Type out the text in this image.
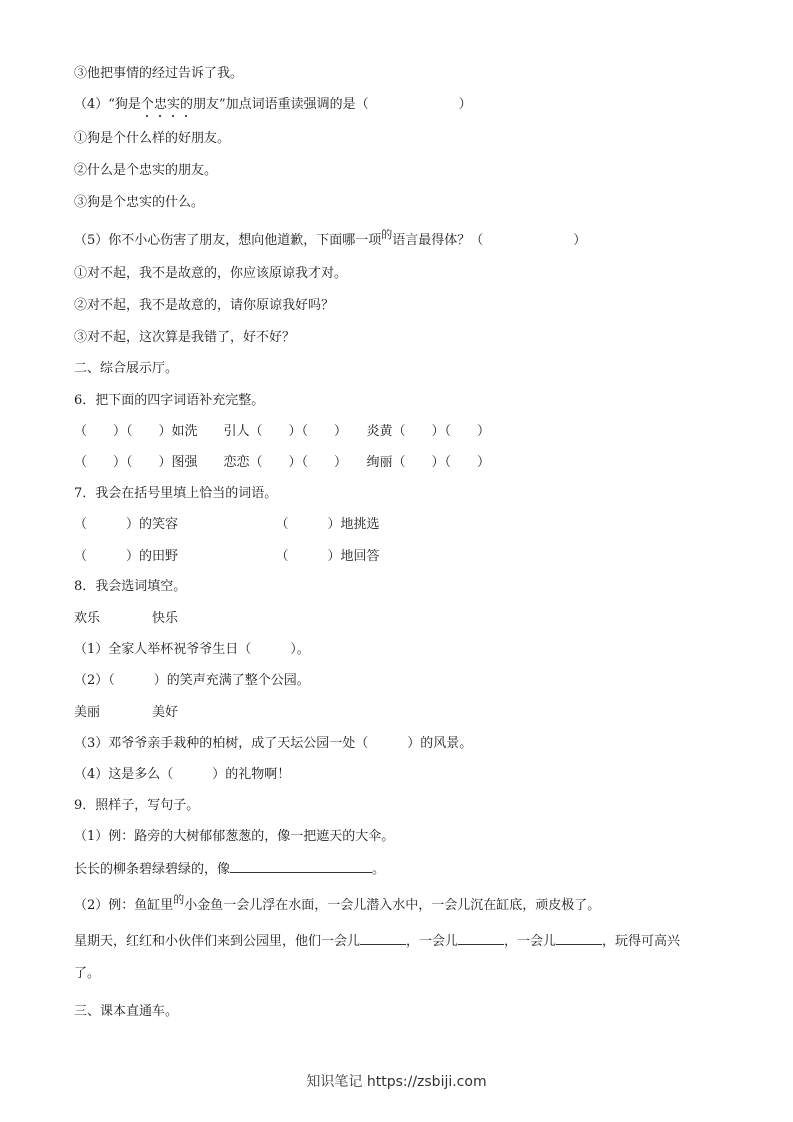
③他把事情的经过告诉了我。
（4）“狗是个忠实的朋友”加点词语重读强调的是（	）
①狗是个什么样的好朋友。
②什么是个忠实的朋友。
③狗是个忠实的什么。
（5）你不小心伤害了朋友，想向他道歉，下面哪一项$^的$语言最得体？（	）
①对不起，我不是故意的，你应该原谅我才对。
②对不起，我不是故意的，请你原谅我好吗？
③对不起，这次算是我错了，好不好？
二、综合展示厅。
6．把下面的四字词语补充完整。
（　　）（　　）如洗　　引人（　　）（　　）　　炎黄（　　）（　　）
（　　）（　　）图强　　恋恋（　　）（　　）　　绚丽（　　）（　　）
7．我会在括号里填上恰当的词语。
（　　　）的笑容　　　　　　　　（　　　）地挑选
（　　　）的田野　　　　　　　　（　　　）地回答
8．我会选词填空。
欢乐　　　　快乐
（1）全家人举杯祝爷爷生日（　　　）。
（2）（　　　）的笑声充满了整个公园。
美丽　　　　美好
（3）邓爷爷亲手栽种的柏树，成了天坛公园一处（　　　）的风景。
（4）这是多么（　　　）的礼物啊！
9．照样子，写句子。
（1）例：路旁的大树郁郁葱葱的，像一把遮天的大伞。
长长的柳条碧绿碧绿的，像	。
（2）例：鱼缸里$^的$小金鱼一会儿浮在水面，一会儿潜入水中，一会儿沉在缸底，顽皮极了。
星期天，红红和小伙伴们来到公园里，他们一会儿	，一会儿	，一会儿	，玩得可高兴
了。
三、课本直通车。
知识笔记 https://zsbiji.com
